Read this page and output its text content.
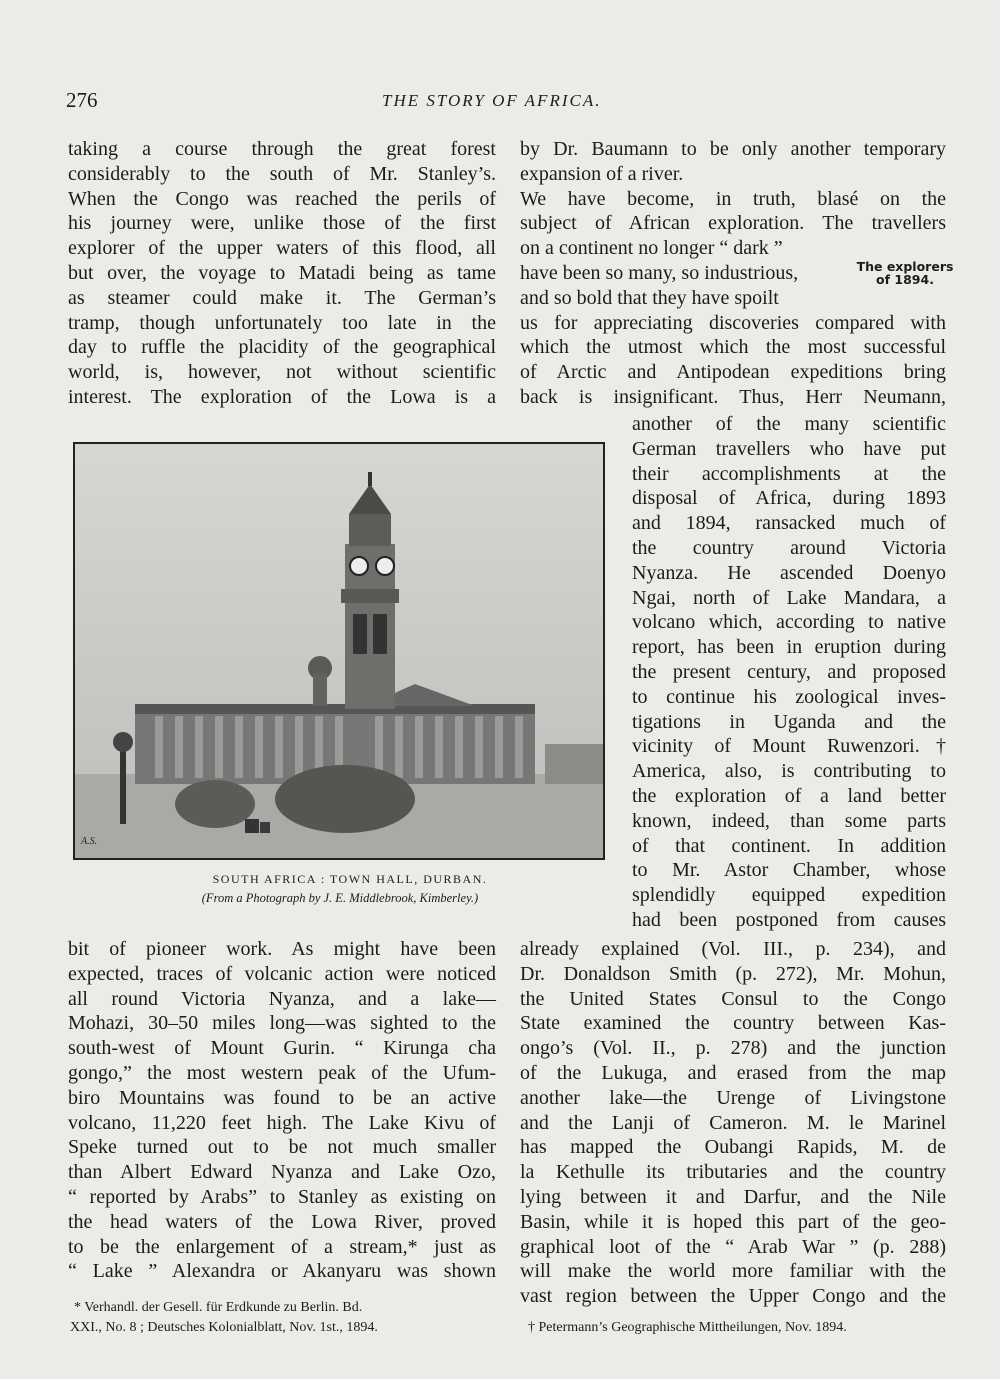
276	THE STORY OF AFRICA.
taking a course through the great forest
considerably to the south of Mr. Stanley’s.
When the Congo was reached the perils of
his journey were, unlike those of the first
explorer of the upper waters of this flood, all
but over, the voyage to Matadi being as tame
as steamer could make it. The German’s
tramp, though unfortunately too late in the
day to ruffle the placidity of the geographical
world, is, however, not without scientific
interest. The exploration of the Lowa is a
by Dr. Baumann to be only another temporary
expansion of a river.
We have become, in truth, blasé on the
subject of African exploration. The travellers
on a continent no longer “ dark ”
have been so many, so industrious,
and so bold that they have spoilt
us for appreciating discoveries compared with
which the utmost which the most successful
of Arctic and Antipodean expeditions bring
back is insignificant. Thus, Herr Neumann,
The explorers
of 1894.
another of the many scientific
German travellers who have put
their accomplishments at the
disposal of Africa, during 1893
and 1894, ransacked much of
the country around Victoria
Nyanza. He ascended Doenyo
Ngai, north of Lake Mandara, a
volcano which, according to native
report, has been in eruption during
the present century, and proposed
to continue his zoological inves-
tigations in Uganda and the
vicinity of Mount Ruwenzori.†
America, also, is contributing to
the exploration of a land better
known, indeed, than some parts
of that continent. In addition
to Mr. Astor Chamber, whose
splendidly equipped expedition
had been postponed from causes
A.S.
SOUTH AFRICA : TOWN HALL, DURBAN.
(From a Photograph by J. E. Middlebrook, Kimberley.)
bit of pioneer work. As might have been
expected, traces of volcanic action were noticed
all round Victoria Nyanza, and a lake—
Mohazi, 30–50 miles long—was sighted to the
south-west of Mount Gurin. “ Kirunga cha
gongo,” the most western peak of the Ufum-
biro Mountains was found to be an active
volcano, 11,220 feet high. The Lake Kivu of
Speke turned out to be not much smaller
than Albert Edward Nyanza and Lake Ozo,
“ reported by Arabs” to Stanley as existing on
the head waters of the Lowa River, proved
to be the enlargement of a stream,* just as
“ Lake ” Alexandra or Akanyaru was shown
already explained (Vol. III., p. 234), and
Dr. Donaldson Smith (p. 272), Mr. Mohun,
the United States Consul to the Congo
State examined the country between Kas-
ongo’s (Vol. II., p. 278) and the junction
of the Lukuga, and erased from the map
another lake—the Urenge of Livingstone
and the Lanji of Cameron. M. le Marinel
has mapped the Oubangi Rapids, M. de
la Kethulle its tributaries and the country
lying between it and Darfur, and the Nile
Basin, while it is hoped this part of the geo-
graphical loot of the “ Arab War ” (p. 288)
will make the world more familiar with the
vast region between the Upper Congo and the
* Verhandl. der Gesell. für Erdkunde zu Berlin. Bd.
XXI., No. 8 ; Deutsches Kolonialblatt, Nov. 1st., 1894.	† Petermann’s Geographische Mittheilungen, Nov. 1894.
